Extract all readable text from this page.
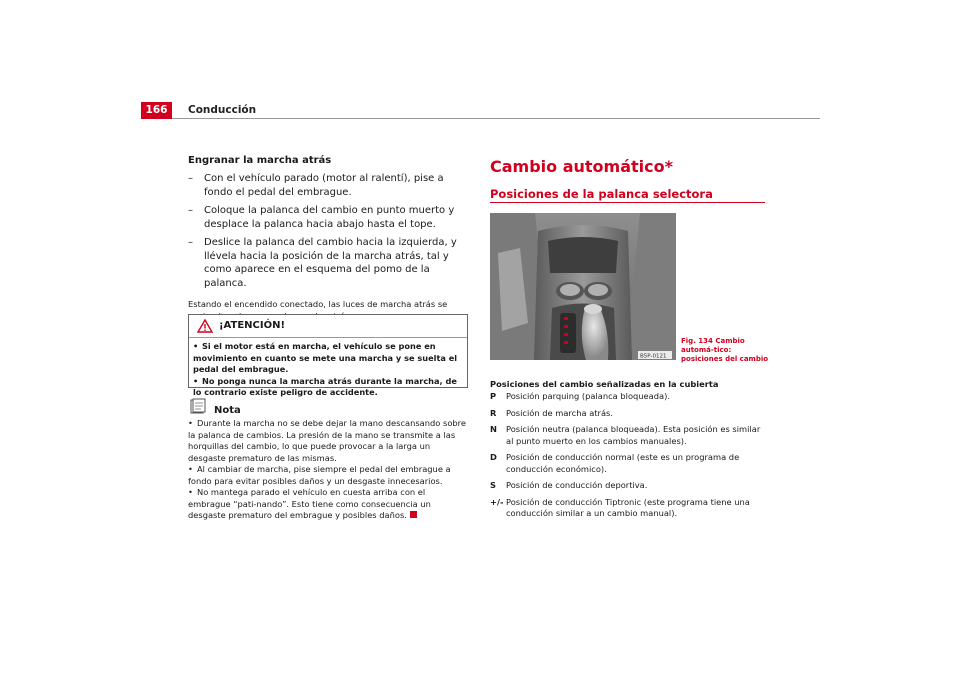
166	Conducción
Engranar la marcha atrás
– Con el vehículo parado (motor al ralentí), pise a fondo el pedal del embrague.
– Coloque la palanca del cambio en punto muerto y desplace la palanca hacia abajo hasta el tope.
– Deslice la palanca del cambio hacia la izquierda, y llévela hacia la posición de la marcha atrás, tal y como aparece en el esquema del pomo de la palanca.
Estando el encendido conectado, las luces de marcha atrás se
¡ATENCIÓN!
• Si el motor está en marcha, el vehículo se pone en movimiento en cuanto se mete una marcha y se suelta el pedal del embrague.
• No ponga nunca la marcha atrás durante la marcha, de lo contrario existe peligro de accidente.
Nota
• Durante la marcha no se debe dejar la mano descansando sobre la palanca de cambios. La presión de la mano se transmite a las horquillas del cambio, lo que puede provocar a la larga un desgaste prematuro de las mismas.
• Al cambiar de marcha, pise siempre el pedal del embrague a fondo para evitar posibles daños y un desgaste innecesarios.
• No mantega parado el vehículo en cuesta arriba con el embrague “pati-nando”. Esto tiene como consecuencia un desgaste prematuro del embrague y posibles daños.
Cambio automático*
Posiciones de la palanca selectora
B5P-0121
Fig. 134 Cambio automá-tico: posiciones del cambio
Posiciones del cambio señalizadas en la cubierta
P Posición parquing (palanca bloqueada).
R Posición de marcha atrás.
N Posición neutra (palanca bloqueada). Esta posición es similar al punto muerto en los cambios manuales).
D Posición de conducción normal (este es un programa de conducción económico).
S Posición de conducción deportiva.
+/- Posición de conducción Tiptronic (este programa tiene una conducción similar a un cambio manual).
